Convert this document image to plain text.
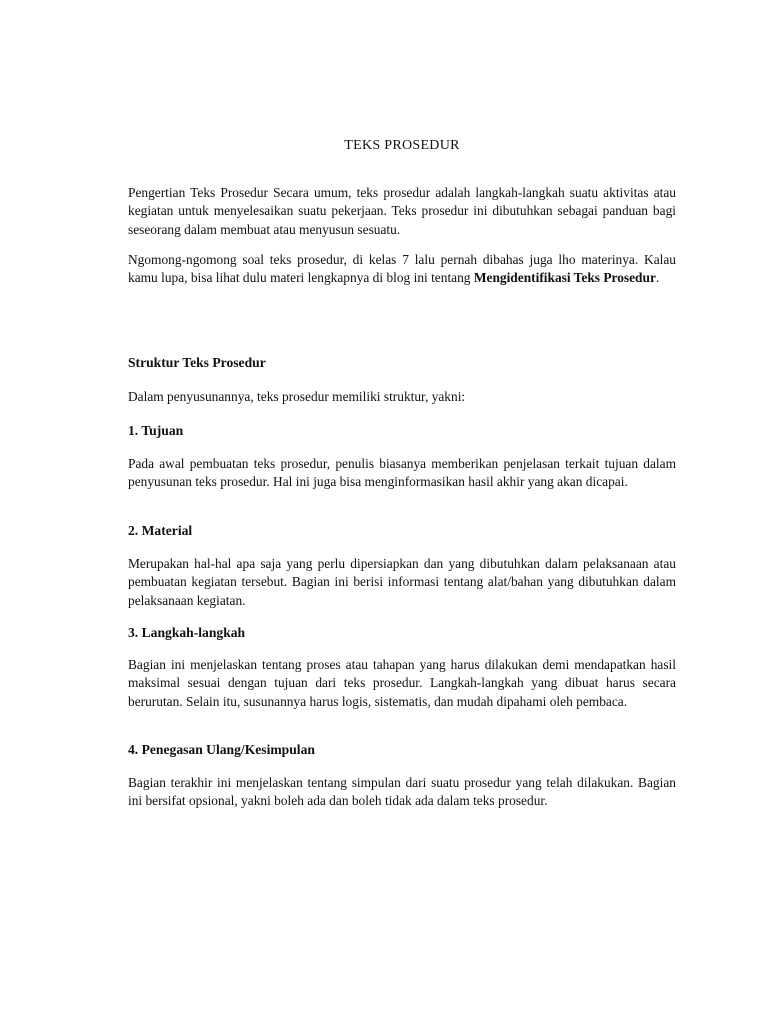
TEKS PROSEDUR

Pengertian Teks Prosedur Secara umum, teks prosedur adalah langkah-langkah suatu aktivitas atau kegiatan untuk menyelesaikan suatu pekerjaan. Teks prosedur ini dibutuhkan sebagai panduan bagi seseorang dalam membuat atau menyusun sesuatu.

Ngomong-ngomong soal teks prosedur, di kelas 7 lalu pernah dibahas juga lho materinya. Kalau kamu lupa, bisa lihat dulu materi lengkapnya di blog ini tentang Mengidentifikasi Teks Prosedur.

Struktur Teks Prosedur

Dalam penyusunannya, teks prosedur memiliki struktur, yakni:

1. Tujuan

Pada awal pembuatan teks prosedur, penulis biasanya memberikan penjelasan terkait tujuan dalam penyusunan teks prosedur. Hal ini juga bisa menginformasikan hasil akhir yang akan dicapai.

2. Material

Merupakan hal-hal apa saja yang perlu dipersiapkan dan yang dibutuhkan dalam pelaksanaan atau pembuatan kegiatan tersebut. Bagian ini berisi informasi tentang alat/bahan yang dibutuhkan dalam pelaksanaan kegiatan.

3. Langkah-langkah

Bagian ini menjelaskan tentang proses atau tahapan yang harus dilakukan demi mendapatkan hasil maksimal sesuai dengan tujuan dari teks prosedur. Langkah-langkah yang dibuat harus secara berurutan. Selain itu, susunannya harus logis, sistematis, dan mudah dipahami oleh pembaca.

4. Penegasan Ulang/Kesimpulan

Bagian terakhir ini menjelaskan tentang simpulan dari suatu prosedur yang telah dilakukan. Bagian ini bersifat opsional, yakni boleh ada dan boleh tidak ada dalam teks prosedur.
